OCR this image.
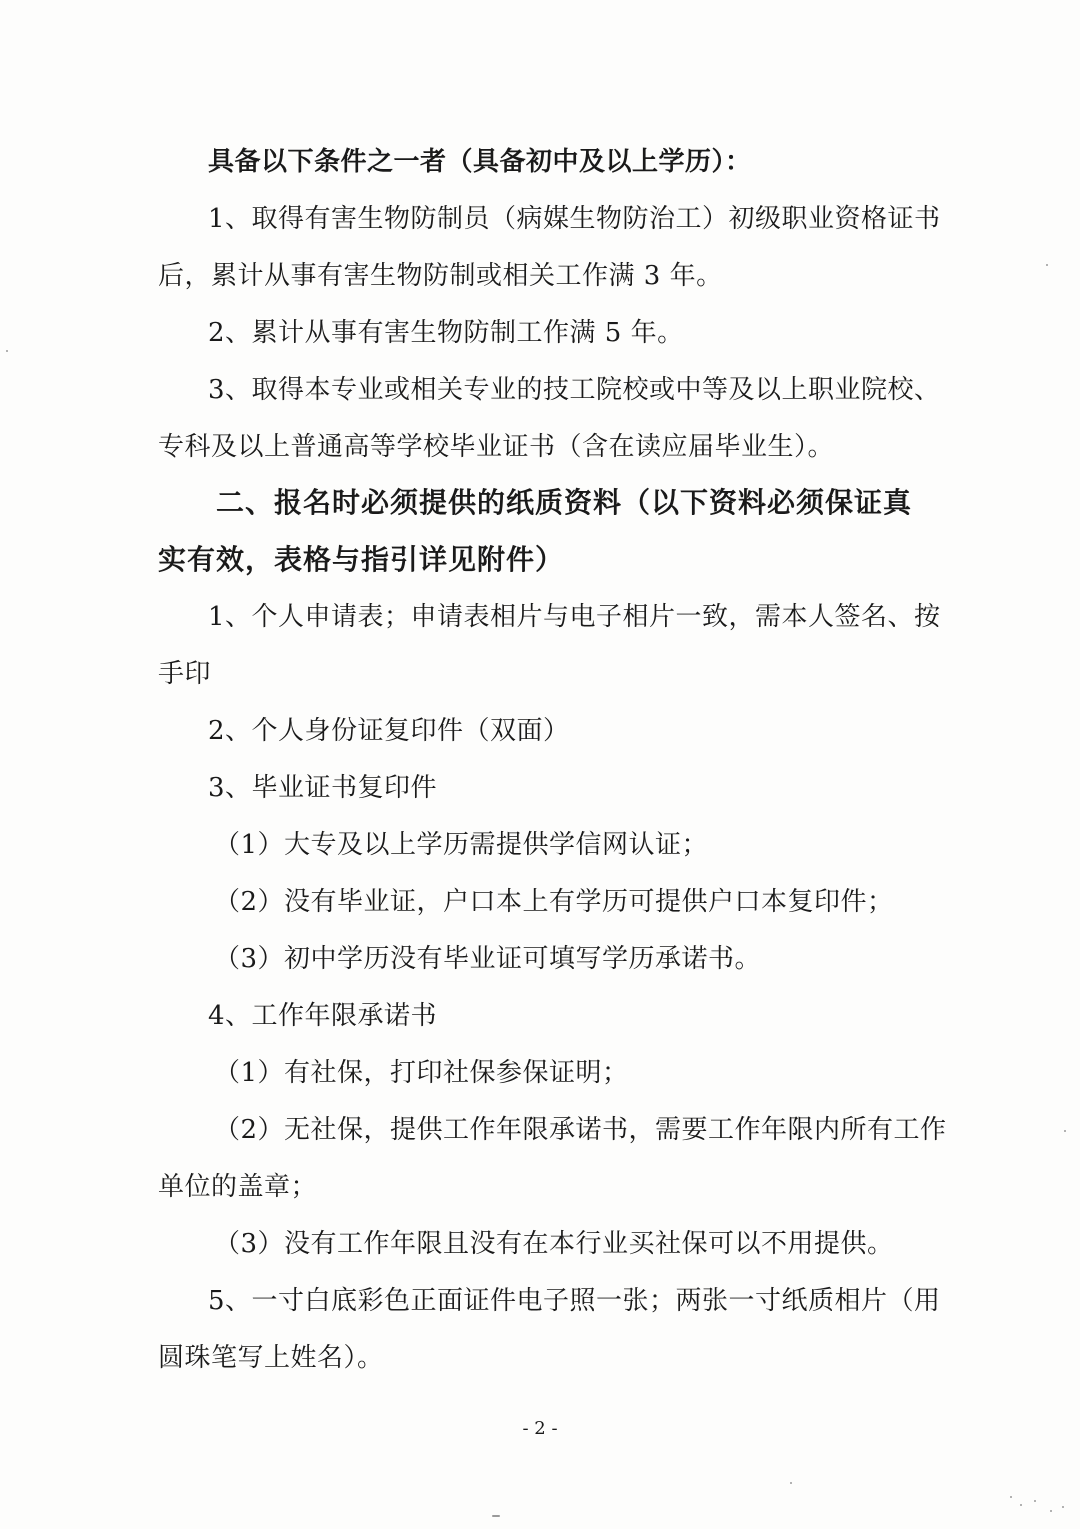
具备以下条件之一者（具备初中及以上学历）：
1、取得有害生物防制员（病媒生物防治工）初级职业资格证书
后，累计从事有害生物防制或相关工作满 3 年。
2、累计从事有害生物防制工作满 5 年。
3、取得本专业或相关专业的技工院校或中等及以上职业院校、
专科及以上普通高等学校毕业证书（含在读应届毕业生）。
二、报名时必须提供的纸质资料（以下资料必须保证真
实有效，表格与指引详见附件）
1、个人申请表；申请表相片与电子相片一致，需本人签名、按
手印
2、个人身份证复印件（双面）
3、毕业证书复印件
（1）大专及以上学历需提供学信网认证；
（2）没有毕业证，户口本上有学历可提供户口本复印件；
（3）初中学历没有毕业证可填写学历承诺书。
4、工作年限承诺书
（1）有社保，打印社保参保证明；
（2）无社保，提供工作年限承诺书，需要工作年限内所有工作
单位的盖章；
（3）没有工作年限且没有在本行业买社保可以不用提供。
5、一寸白底彩色正面证件电子照一张；两张一寸纸质相片（用
圆珠笔写上姓名）。
- 2 -
